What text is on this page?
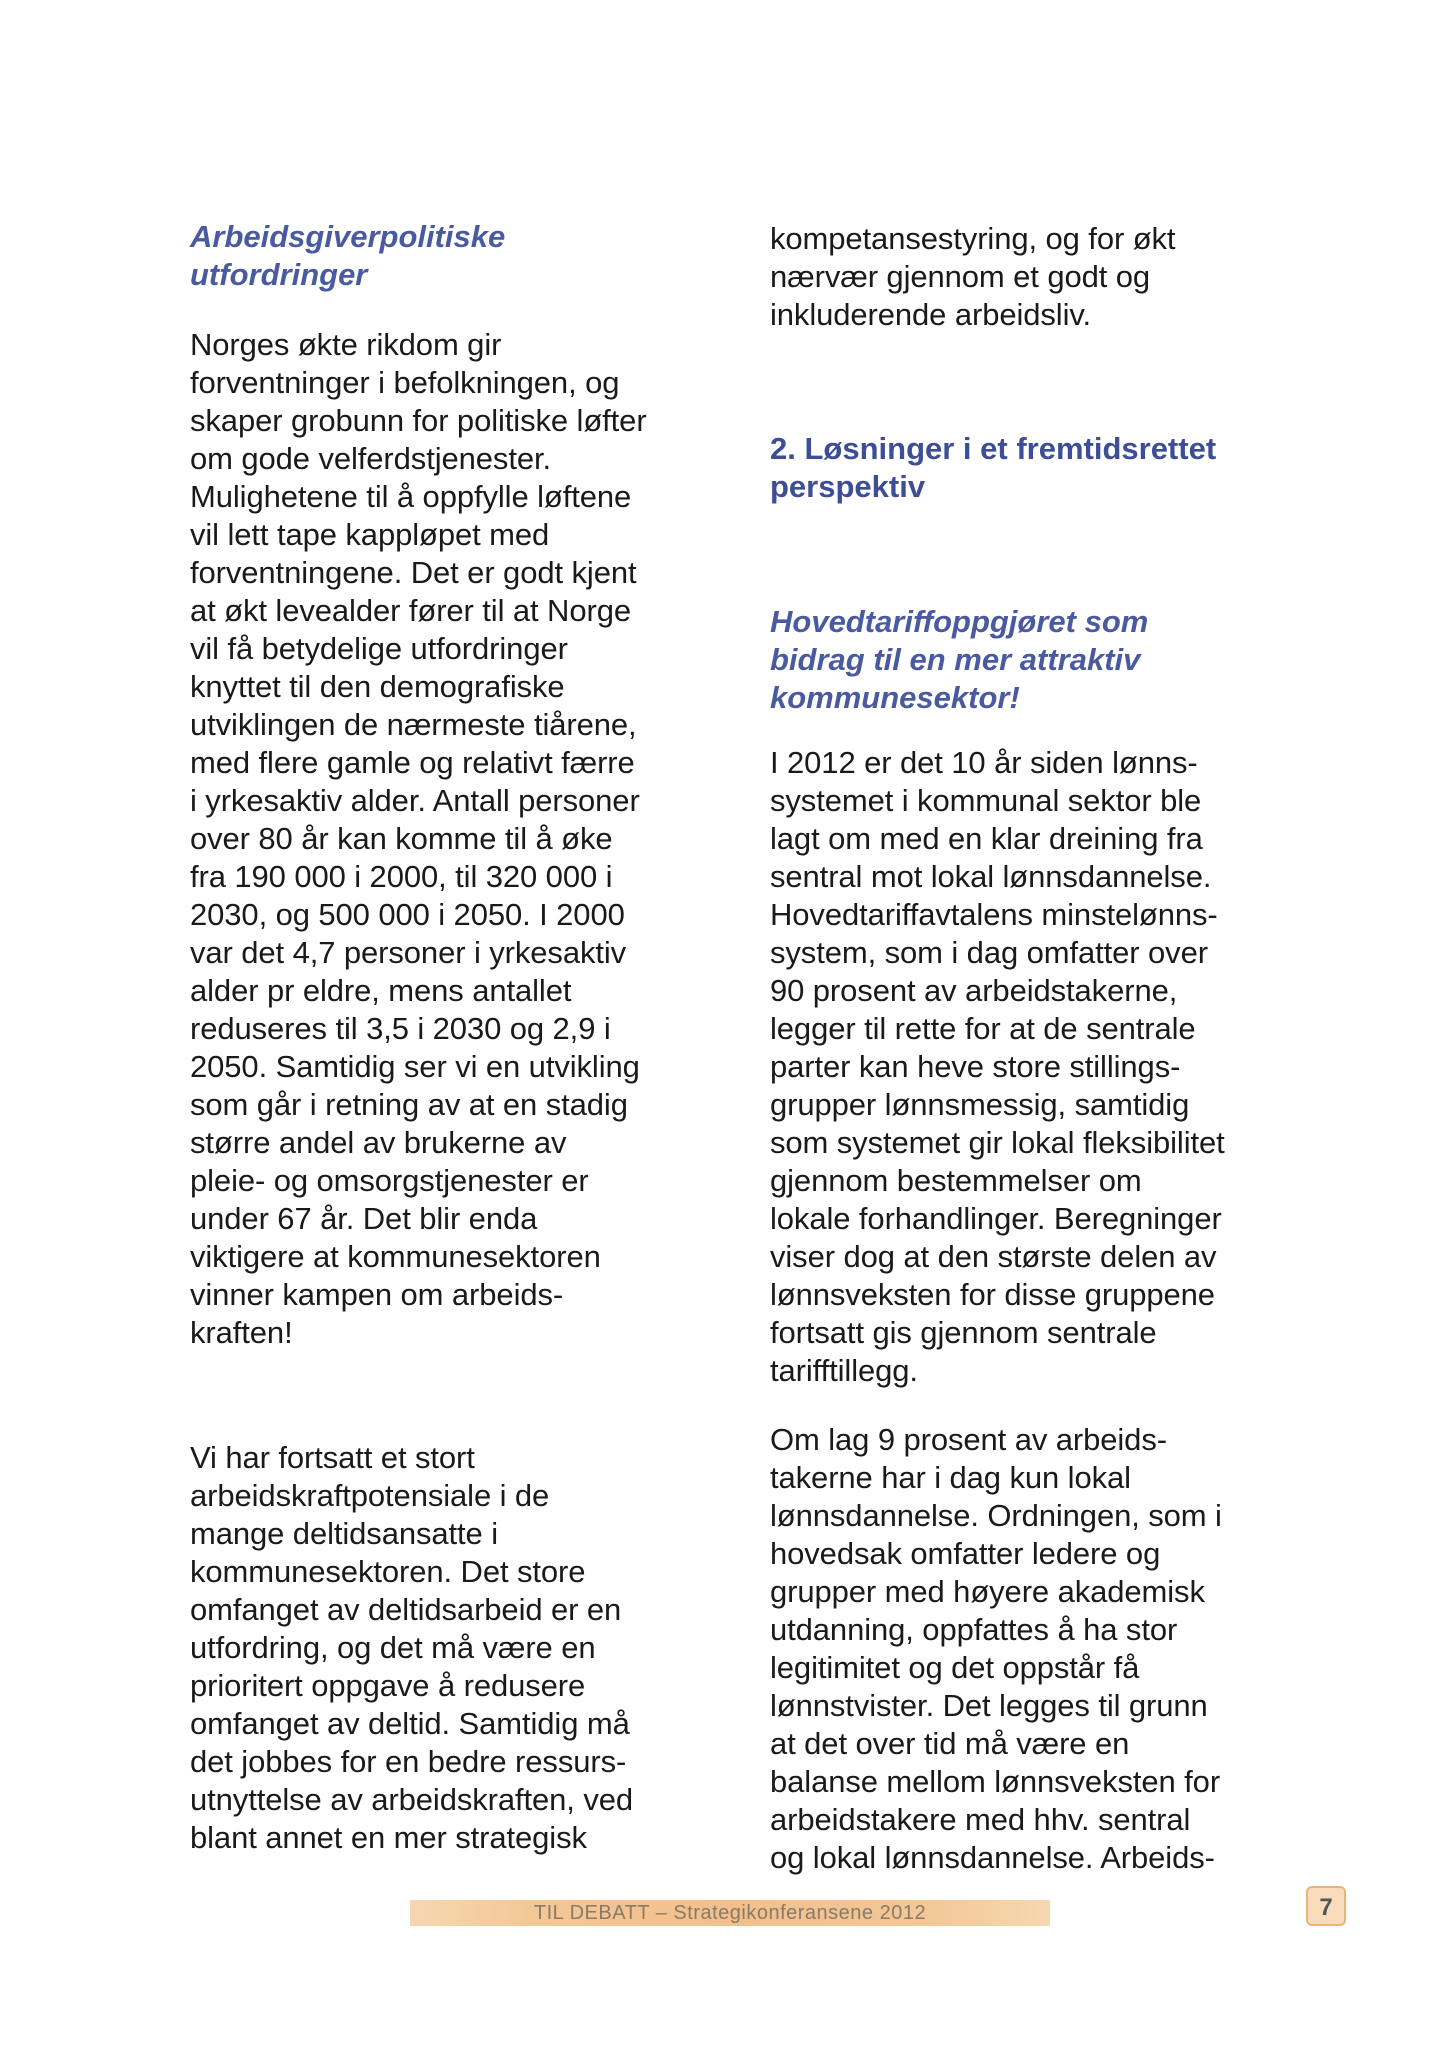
Arbeidsgiverpolitiske
utfordringer

Norges økte rikdom gir
forventninger i befolkningen, og
skaper grobunn for politiske løfter
om gode velferdstjenester.
Mulighetene til å oppfylle løftene
vil lett tape kappløpet med
forventningene. Det er godt kjent
at økt levealder fører til at Norge
vil få betydelige utfordringer
knyttet til den demografiske
utviklingen de nærmeste tiårene,
med flere gamle og relativt færre
i yrkesaktiv alder. Antall personer
over 80 år kan komme til å øke
fra 190 000 i 2000, til 320 000 i
2030, og 500 000 i 2050. I 2000
var det 4,7 personer i yrkesaktiv
alder pr eldre, mens antallet
reduseres til 3,5 i 2030 og 2,9 i
2050. Samtidig ser vi en utvikling
som går i retning av at en stadig
større andel av brukerne av
pleie- og omsorgstjenester er
under 67 år. Det blir enda
viktigere at kommunesektoren
vinner kampen om arbeids-
kraften!

Vi har fortsatt et stort
arbeidskraftpotensiale i de
mange deltidsansatte i
kommunesektoren. Det store
omfanget av deltidsarbeid er en
utfordring, og det må være en
prioritert oppgave å redusere
omfanget av deltid. Samtidig må
det jobbes for en bedre ressurs-
utnyttelse av arbeidskraften, ved
blant annet en mer strategisk

kompetansestyring, og for økt
nærvær gjennom et godt og
inkluderende arbeidsliv.

2. Løsninger i et fremtidsrettet
perspektiv
Hovedtariffoppgjøret som
bidrag til en mer attraktiv
kommunesektor!

I 2012 er det 10 år siden lønns-
systemet i kommunal sektor ble
lagt om med en klar dreining fra
sentral mot lokal lønnsdannelse.
Hovedtariffavtalens minstelønns-
system, som i dag omfatter over
90 prosent av arbeidstakerne,
legger til rette for at de sentrale
parter kan heve store stillings-
grupper lønnsmessig, samtidig
som systemet gir lokal fleksibilitet
gjennom bestemmelser om
lokale forhandlinger. Beregninger
viser dog at den største delen av
lønnsveksten for disse gruppene
fortsatt gis gjennom sentrale
tarifftillegg.

Om lag 9 prosent av arbeids-
takerne har i dag kun lokal
lønnsdannelse. Ordningen, som i
hovedsak omfatter ledere og
grupper med høyere akademisk
utdanning, oppfattes å ha stor
legitimitet og det oppstår få
lønnstvister. Det legges til grunn
at det over tid må være en
balanse mellom lønnsveksten for
arbeidstakere med hhv. sentral
og lokal lønnsdannelse. Arbeids-

TIL DEBATT – Strategikonferansene 2012	7
